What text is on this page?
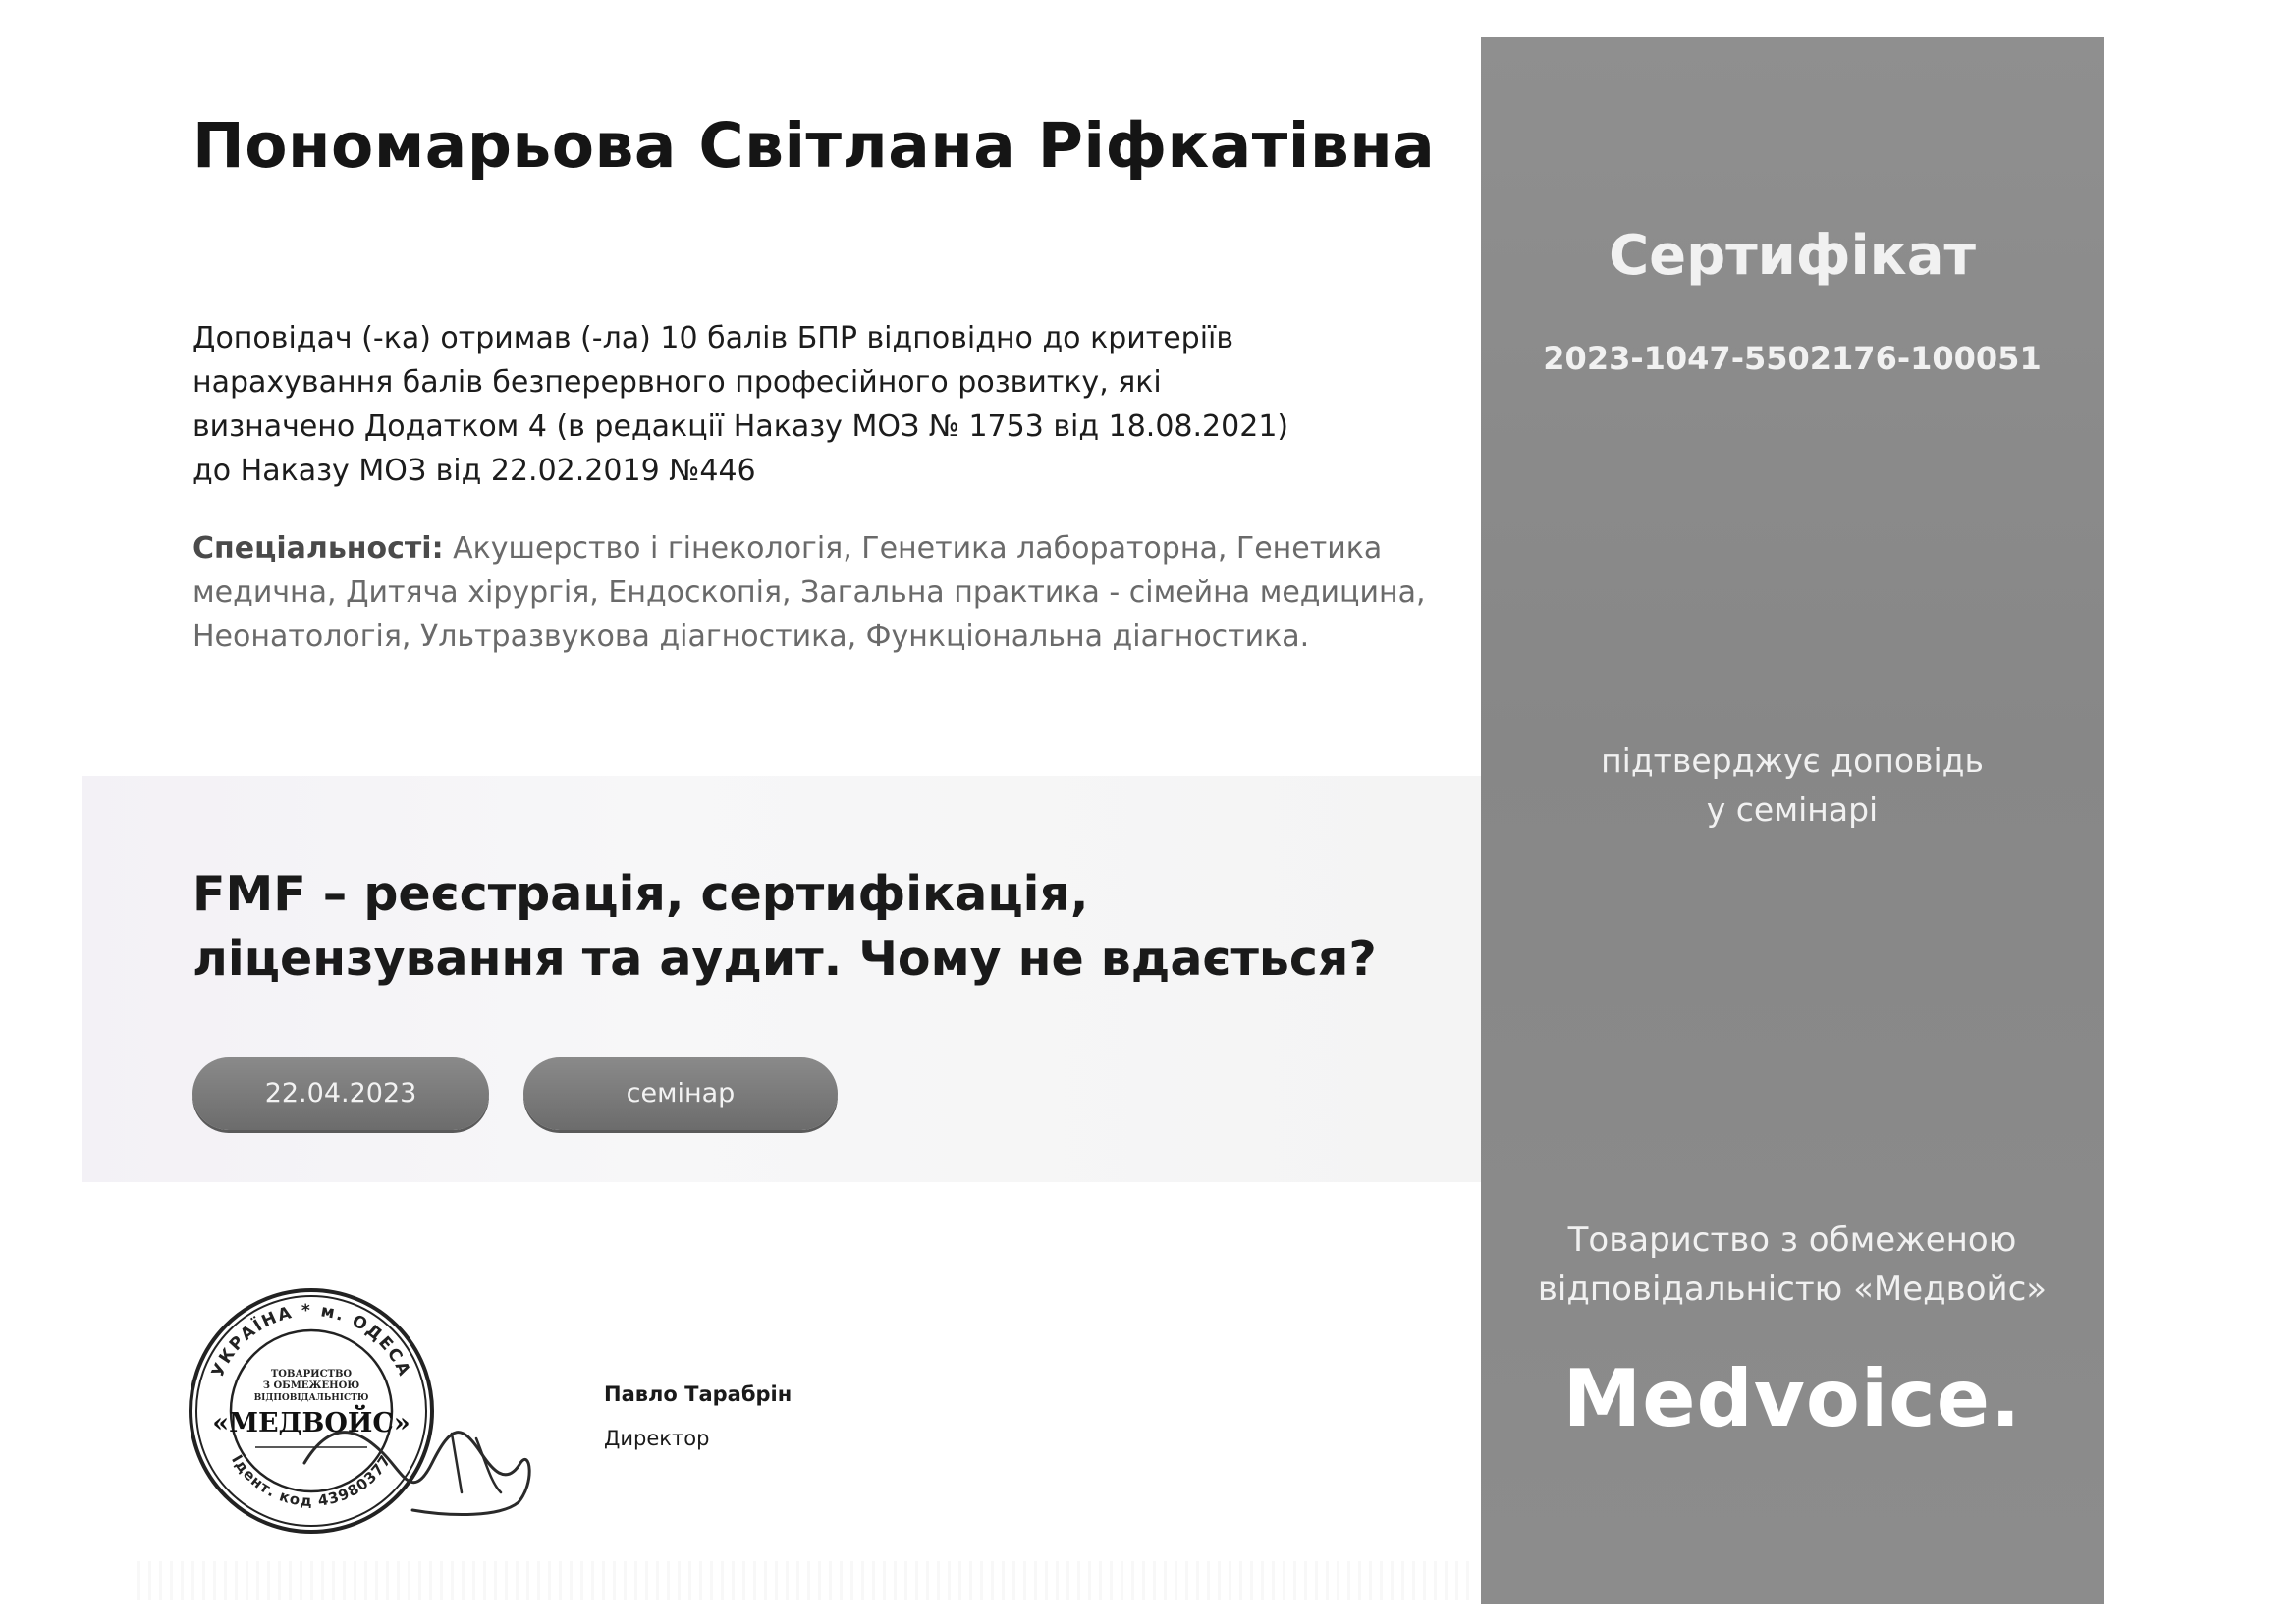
Пономарьова Світлана Ріфкатівна
Доповідач (-ка) отримав (-ла) 10 балів БПР відповідно до критеріїв
нарахування балів безперервного професійного розвитку, які
визначено Додатком 4 (в редакції Наказу МОЗ № 1753 від 18.08.2021)
до Наказу МОЗ від 22.02.2019 №446
Спеціальності: Акушерство і гінекологія, Генетика лабораторна, Генетика
медична, Дитяча хірургія, Ендоскопія, Загальна практика - сімейна медицина,
Неонатологія, Ультразвукова діагностика, Функціональна діагностика.
FMF – реєстрація, сертифікація,
ліцензування та аудит. Чому не вдається?
22.04.2023	семінар
УКРАЇНА * м. ОДЕСА
Ідент. код 43980377
ТОВАРИСТВО
З ОБМЕЖЕНОЮ
ВІДПОВІДАЛЬНІСТЮ
«МЕДВОЙС»
Павло Тарабрін
Директор
Сертифікат
2023-1047-5502176-100051
підтверджує доповідь
у семінарі
Товариство з обмеженою
відповідальністю «Медвойс»
Medvoice.
